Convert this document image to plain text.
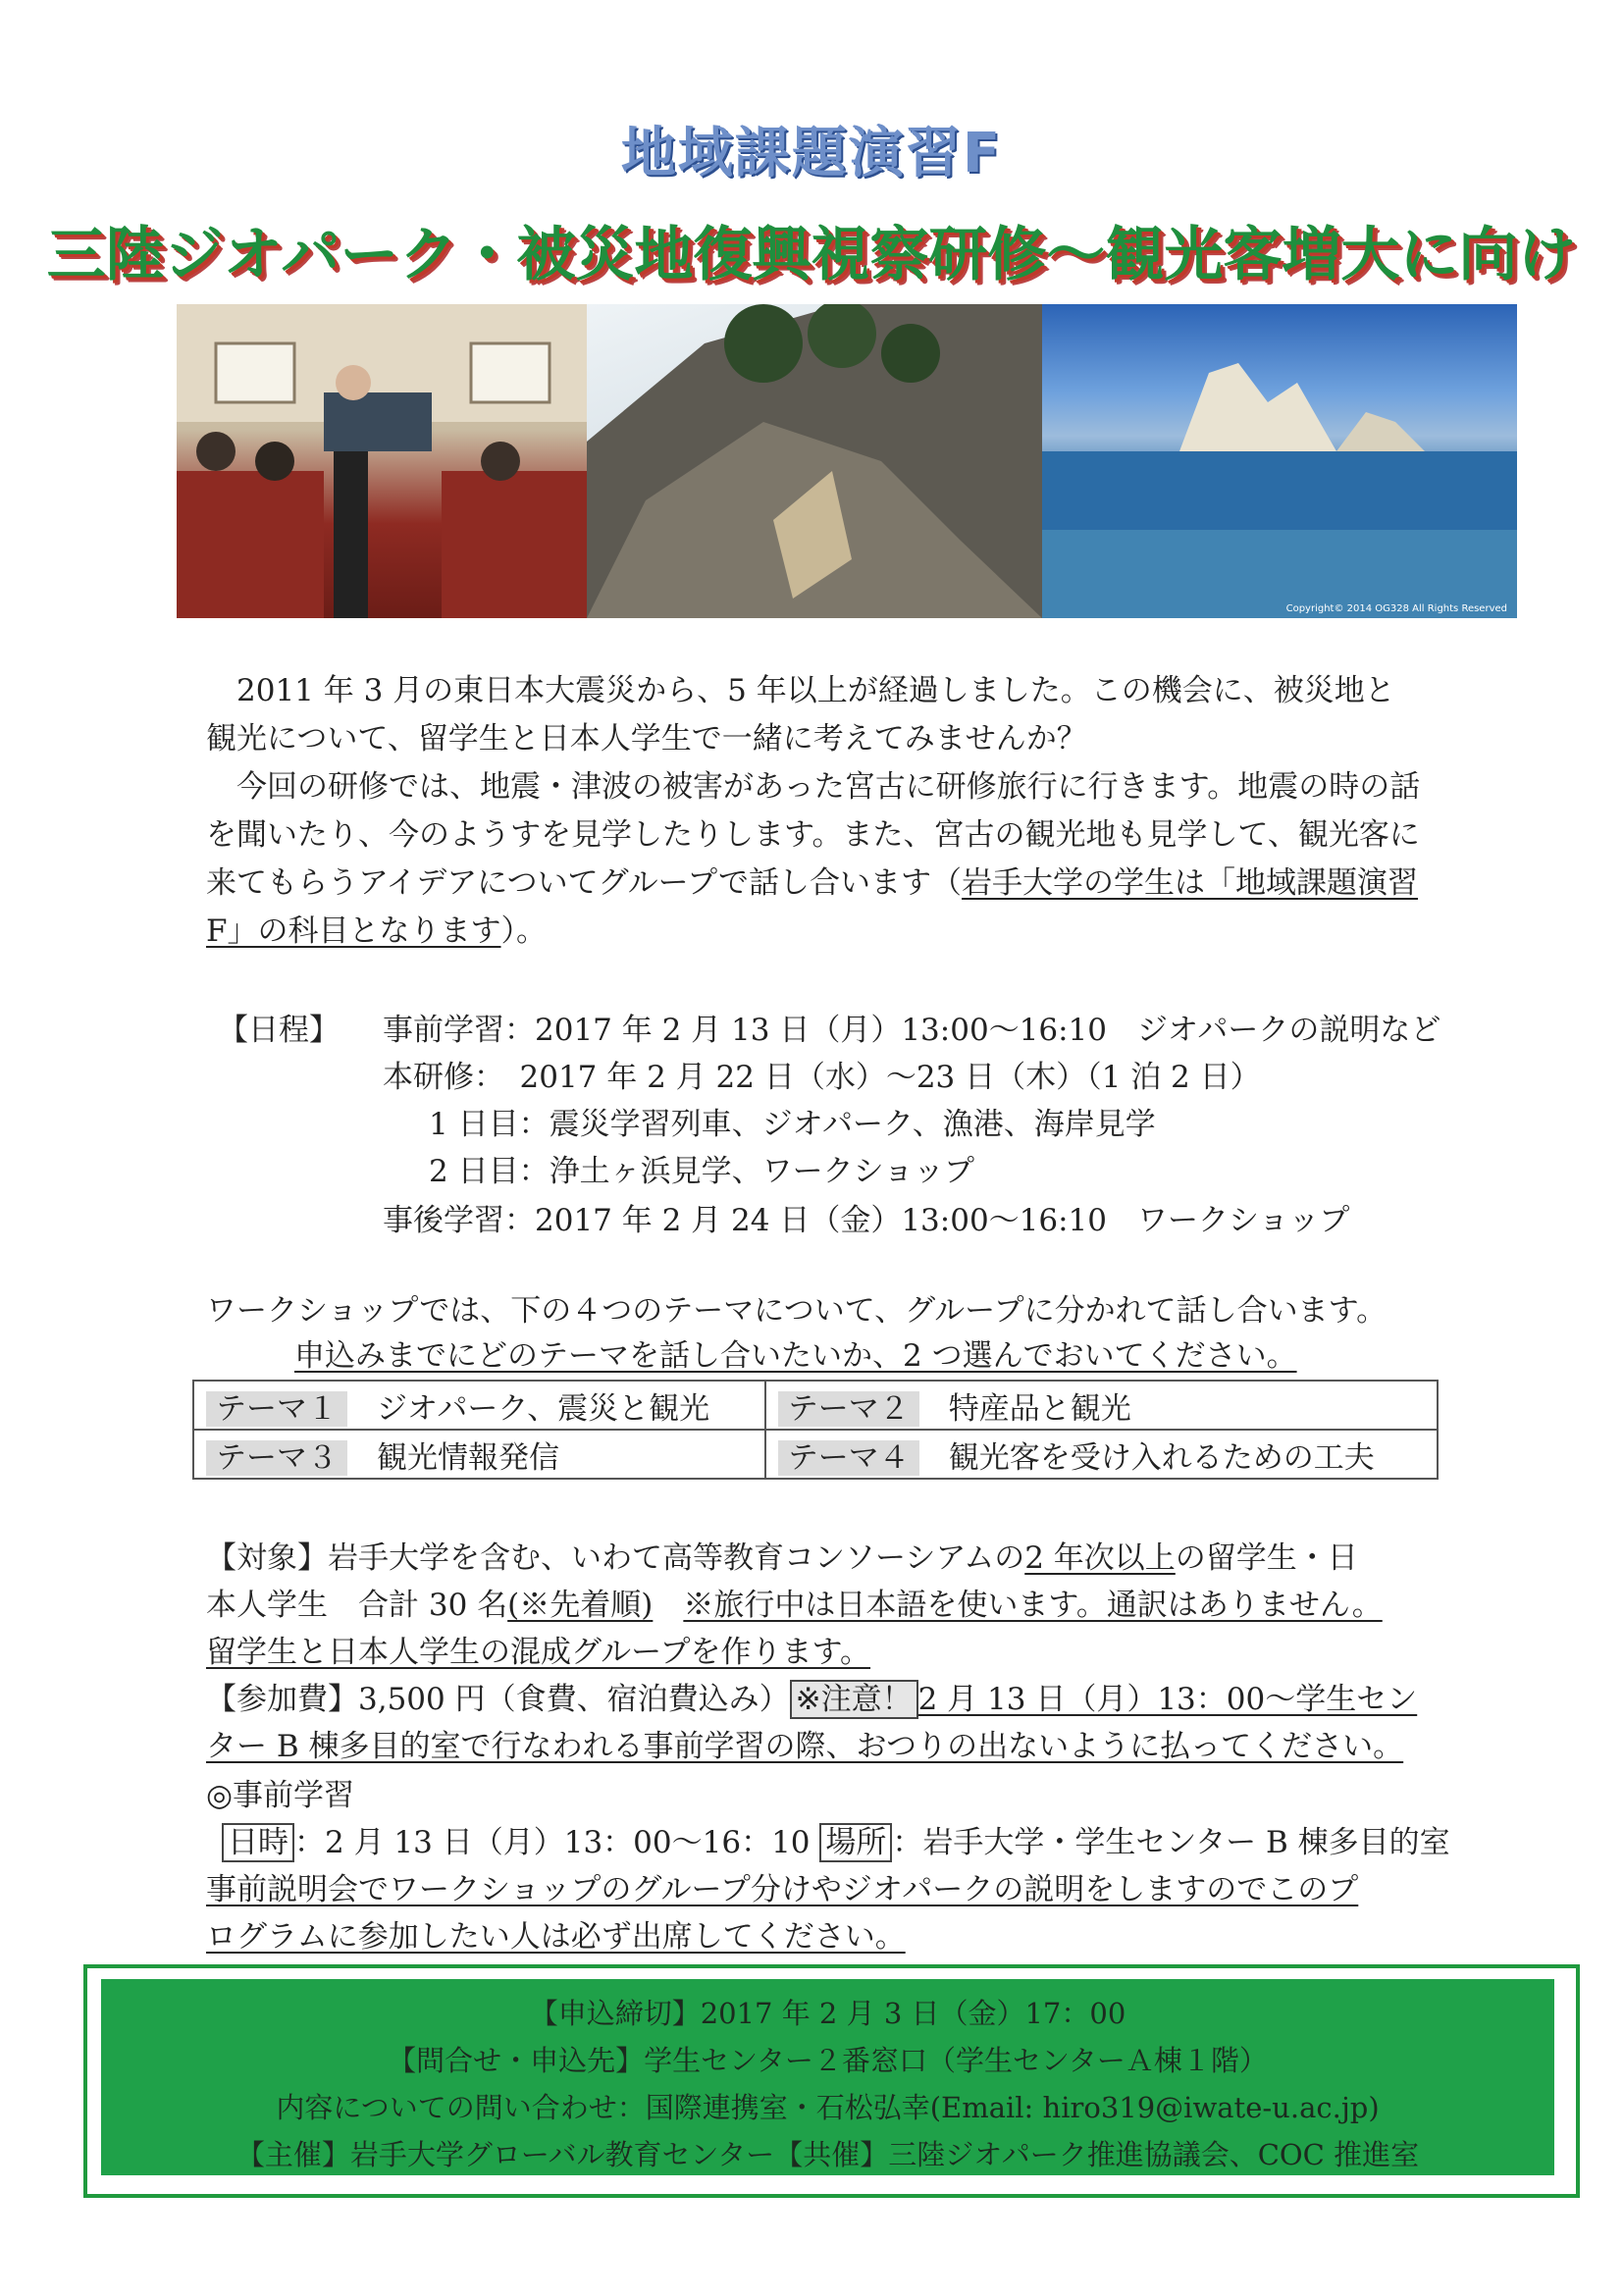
地域課題演習F
三陸ジオパーク・被災地復興視察研修～観光客増大に向け
Copyright© 2014 OG328 All Rights Reserved
　2011 年 3 月の東日本大震災から、5 年以上が経過しました。この機会に、被災地と観光について、留学生と日本人学生で一緒に考えてみませんか？
　今回の研修では、地震・津波の被害があった宮古に研修旅行に行きます。地震の時の話を聞いたり、今のようすを見学したりします。また、宮古の観光地も見学して、観光客に来てもらうアイデアについてグループで話し合います（岩手大学の学生は「地域課題演習F」の科目となります）。
【日程】 事前学習：2017 年 2 月 13 日（月）13:00～16:10　ジオパークの説明など
本研修：　2017 年 2 月 22 日（水）～23 日（木）（1 泊 2 日）
1 日目：震災学習列車、ジオパーク、漁港、海岸見学
2 日目：浄土ヶ浜見学、ワークショップ
事後学習：2017 年 2 月 24 日（金）13:00～16:10　ワークショップ
ワークショップでは、下の４つのテーマについて、グループに分かれて話し合います。
申込みまでにどのテーマを話し合いたいか、2 つ選んでおいてください。
テーマ１ ジオパーク、震災と観光	テーマ２ 特産品と観光
テーマ３ 観光情報発信	テーマ４ 観光客を受け入れるための工夫
【対象】岩手大学を含む、いわて高等教育コンソーシアムの2 年次以上の留学生・日
本人学生　合計 30 名(※先着順)　 ※旅行中は日本語を使います。通訳はありません。
留学生と日本人学生の混成グループを作ります。
【参加費】3,500 円（食費、宿泊費込み） ※注意！ 2 月 13 日（月）13：00～学生セン
ター B 棟多目的室で行なわれる事前学習の際、おつりの出ないように払ってください。
◎事前学習
日時 ：2 月 13 日（月）13：00～16：10 場所 ：岩手大学・学生センター B 棟多目的室
事前説明会でワークショップのグループ分けやジオパークの説明をしますのでこのプ
ログラムに参加したい人は必ず出席してください。
【申込締切】2017 年 2 月 3 日（金）17：00
【問合せ・申込先】学生センター２番窓口（学生センターＡ棟１階）
内容についての問い合わせ：国際連携室・石松弘幸(Email: hiro319@iwate-u.ac.jp)
【主催】岩手大学グローバル教育センター【共催】三陸ジオパーク推進協議会、COC 推進室
